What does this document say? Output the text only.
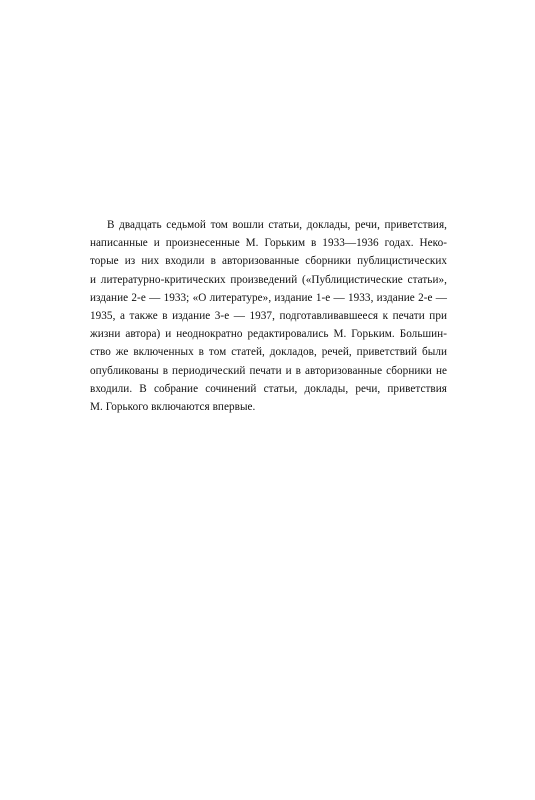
В двадцать седьмой том вошли статьи, доклады, речи, приветствия,
написанные и произнесенные М. Горьким в 1933—1936 годах. Неко-
торые из них входили в авторизованные сборники публицистических
и литературно-критических произведений («Публицистические статьи»,
издание 2-е — 1933; «О литературе», издание 1-е — 1933, издание 2-е —
1935, а также в издание 3-е — 1937, подготавливавшееся к печати при
жизни автора) и неоднократно редактировались М. Горьким. Большин-
ство же включенных в том статей, докладов, речей, приветствий были
опубликованы в периодический печати и в авторизованные сборники не
входили. В собрание сочинений статьи, доклады, речи, приветствия
М. Горького включаются впервые.
